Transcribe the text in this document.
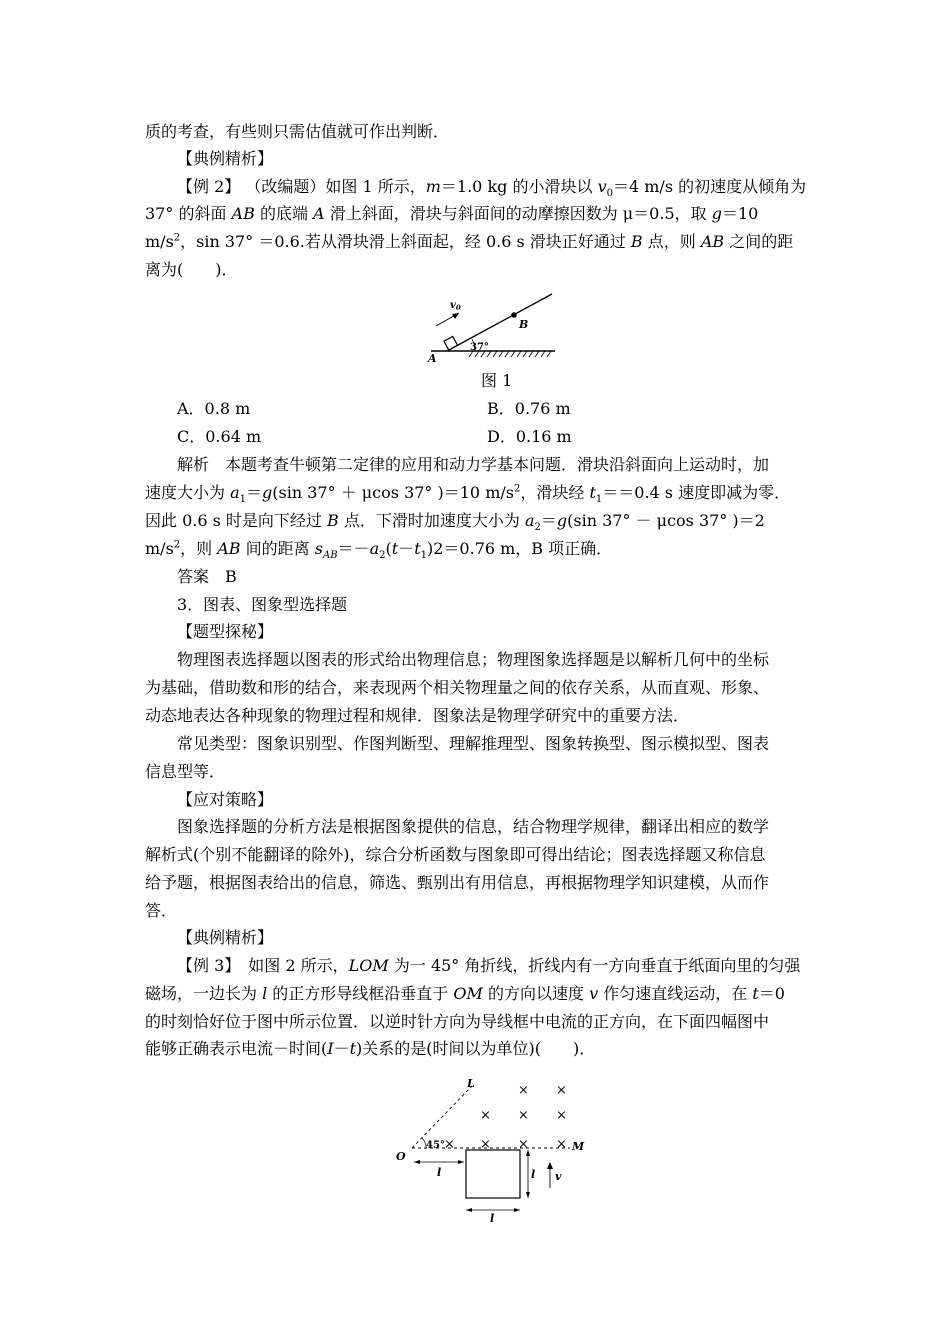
质的考查，有些则只需估值就可作出判断．
【典例精析】
【例 2】 （改编题）如图 1 所示，m＝1.0 kg 的小滑块以 $v_0=4$ m/s 的初速度从倾角为
37° 的斜面 AB 的底端 A 滑上斜面，滑块与斜面间的动摩擦因数为 μ＝0.5，取 g＝10
$m/s^2$，sin 37° ＝0.6.若从滑块滑上斜面起，经 0.6 s 滑块正好通过 B 点，则 AB 之间的距
离为(　　)．
$v_0$
B
A
37°
图 1
A．0.8 m	B．0.76 m
C．0.64 m	D．0.16 m
解析　本题考查牛顿第二定律的应用和动力学基本问题．滑块沿斜面向上运动时，加
速度大小为 $a_1=g(\sin$ 37° ＋ μcos 37° )＝10 $m/s^2$，滑块经 $t_1==0.4$ s 速度即减为零．
因此 0.6 s 时是向下经过 B 点．下滑时加速度大小为 $a_2=g(\sin$ 37° － μcos 37° )＝2
$m/s^2$，则 AB 间的距离 $s_{AB}=-a_2(t-t_1)2=0.76$ m，B 项正确．
答案　B
3．图表、图象型选择题
【题型探秘】
物理图表选择题以图表的形式给出物理信息；物理图象选择题是以解析几何中的坐标
为基础，借助数和形的结合，来表现两个相关物理量之间的依存关系，从而直观、形象、
动态地表达各种现象的物理过程和规律．图象法是物理学研究中的重要方法．
常见类型：图象识别型、作图判断型、理解推理型、图象转换型、图示模拟型、图表
信息型等．
【应对策略】
图象选择题的分析方法是根据图象提供的信息，结合物理学规律，翻译出相应的数学
解析式(个别不能翻译的除外)，综合分析函数与图象即可得出结论；图表选择题又称信息
给予题，根据图表给出的信息，筛选、甄别出有用信息，再根据物理学知识建模，从而作
答．
【典例精析】
【例 3】　如图 2 所示，LOM 为一 45° 角折线，折线内有一方向垂直于纸面向里的匀强
磁场，一边长为 l 的正方形导线框沿垂直于 OM 的方向以速度 v 作匀速直线运动，在 t＝0
的时刻恰好位于图中所示位置．以逆时针方向为导线框中电流的正方向，在下面四幅图中
能够正确表示电流－时间(I－t)关系的是(时间以为单位)(　　)．
L
O
M
45°
× ×
× × ×
× × ×
×
l	l v
l
